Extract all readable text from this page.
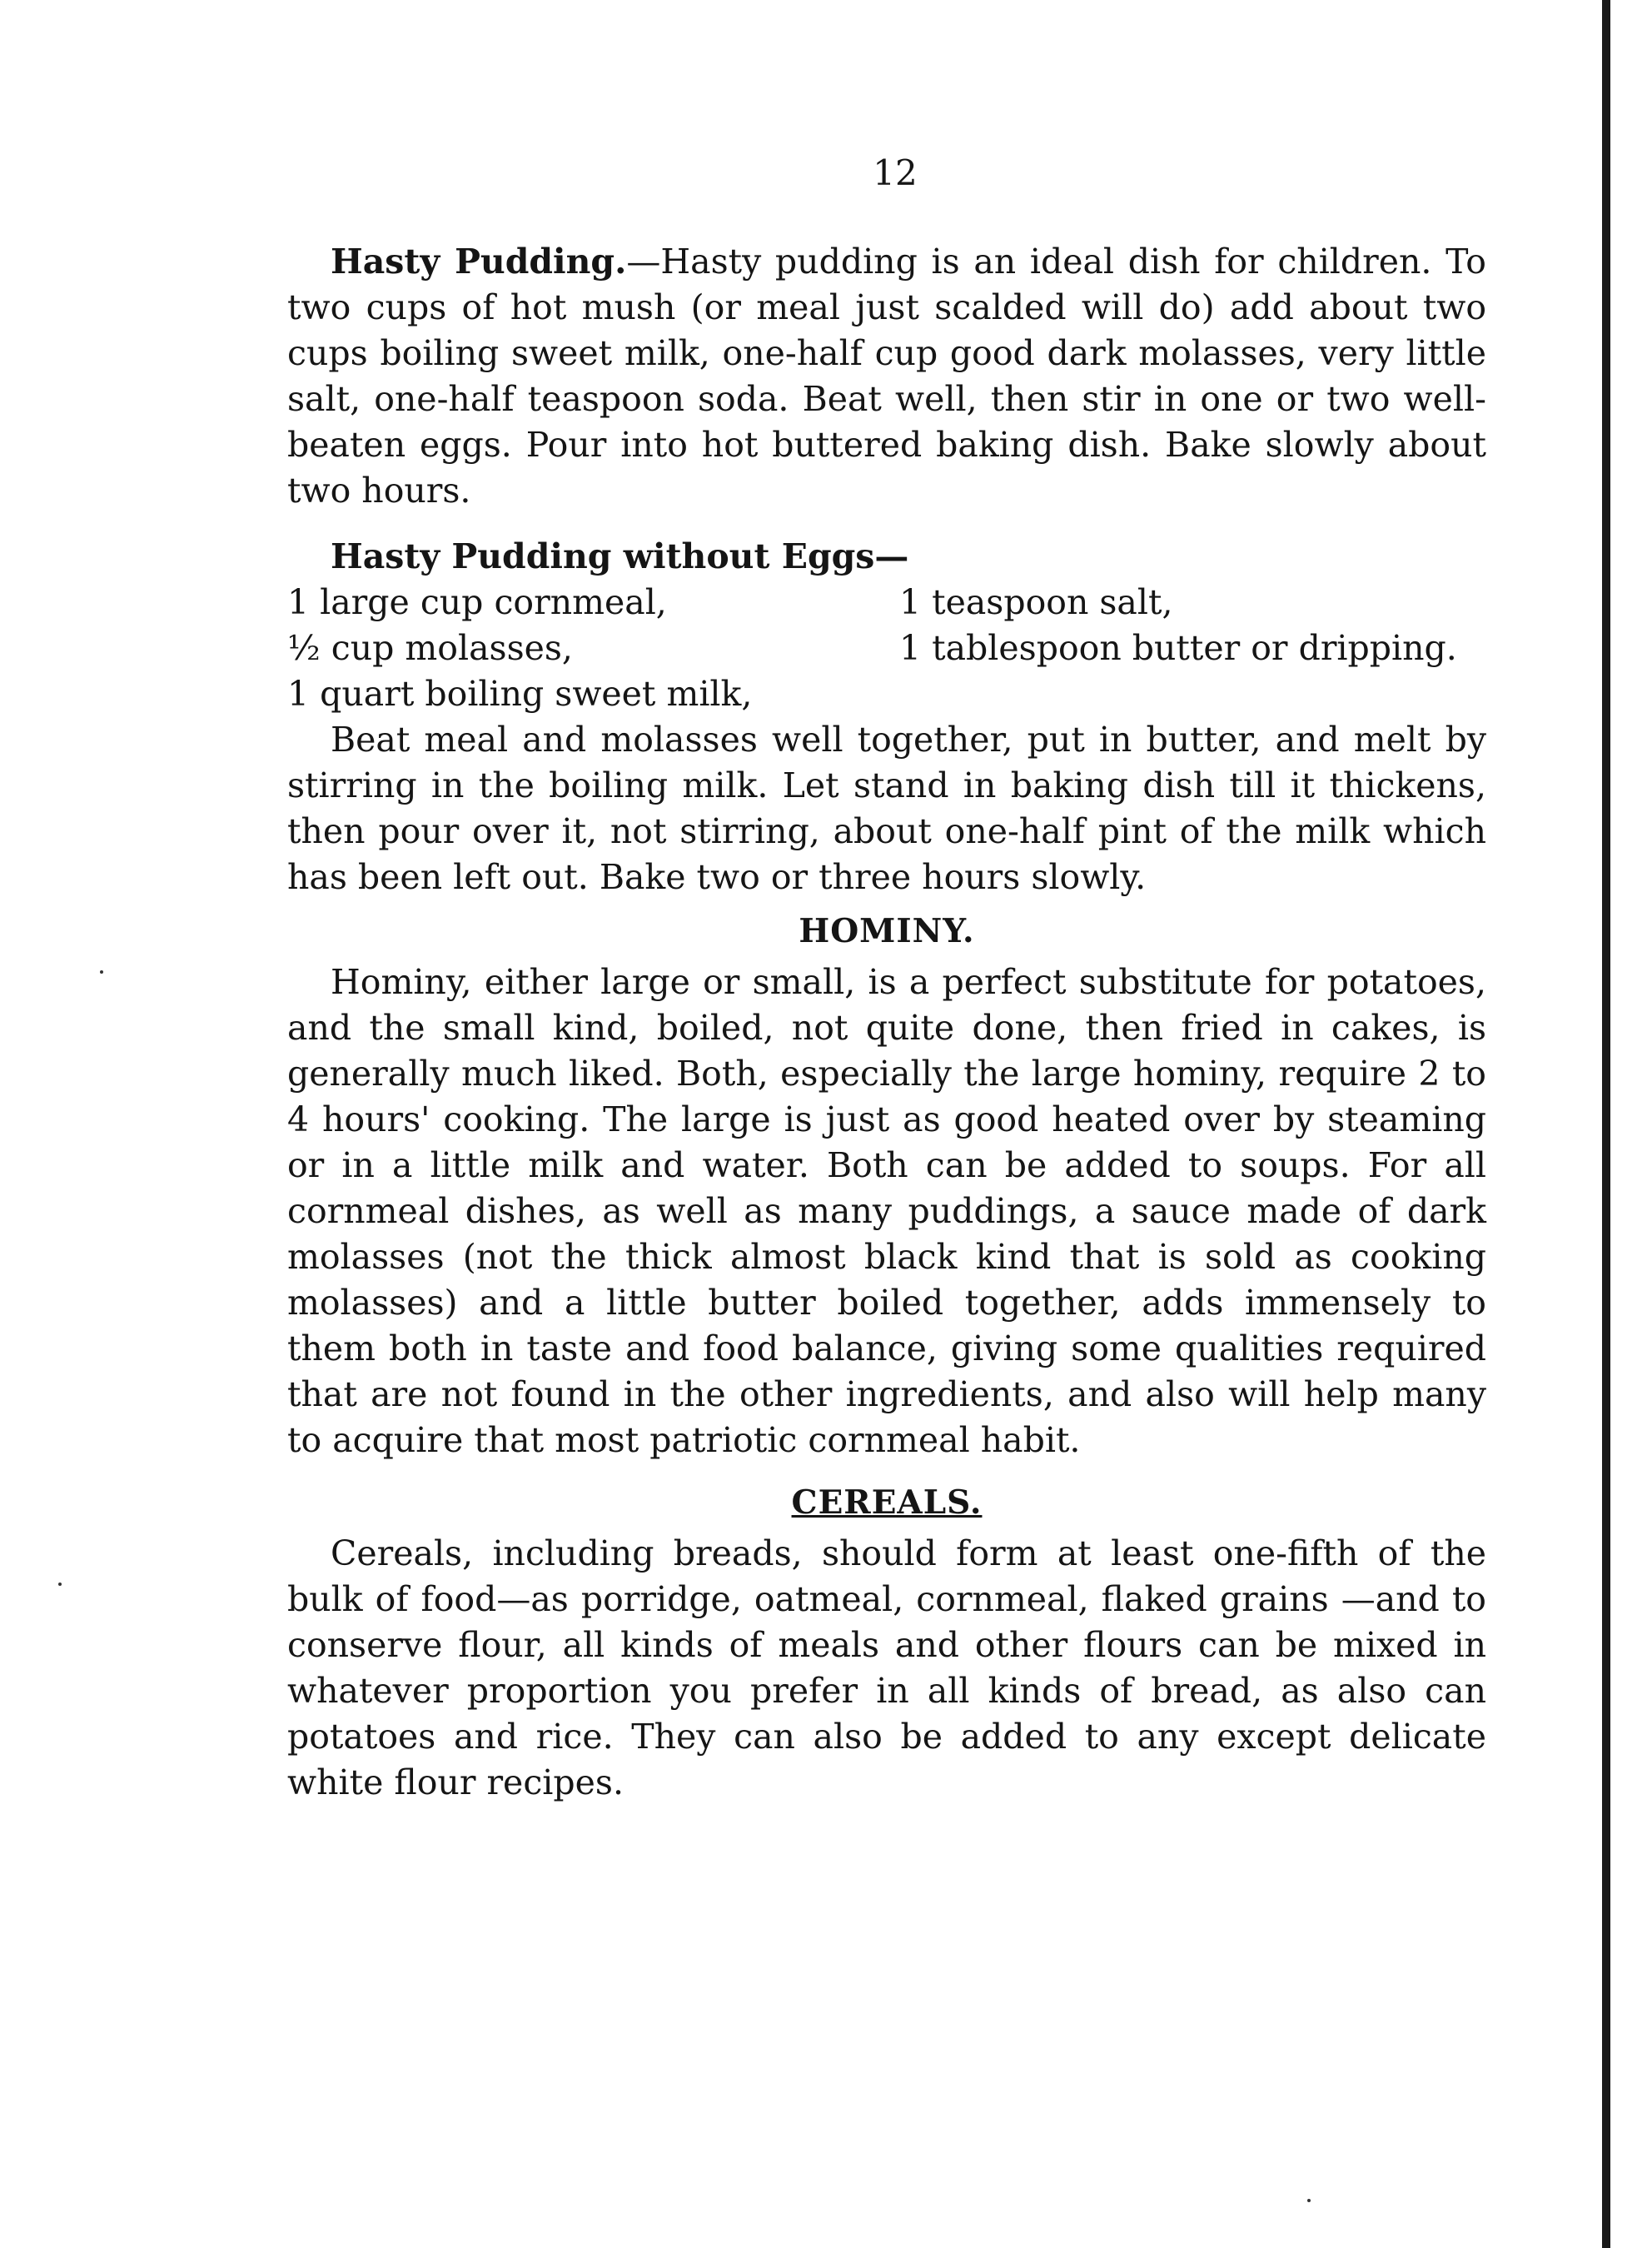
12

Hasty Pudding.—Hasty pudding is an ideal dish for children. To two cups of hot mush (or meal just scalded will do) add about two cups boiling sweet milk, one-half cup good dark molasses, very little salt, one-half teaspoon soda. Beat well, then stir in one or two well-beaten eggs. Pour into hot buttered baking dish. Bake slowly about two hours.

Hasty Pudding without Eggs—
1 large cup cornmeal,	1 teaspoon salt,
½ cup molasses,	1 tablespoon butter or dripping.
1 quart boiling sweet milk,

Beat meal and molasses well together, put in butter, and melt by stirring in the boiling milk. Let stand in baking dish till it thickens, then pour over it, not stirring, about one-half pint of the milk which has been left out. Bake two or three hours slowly.

HOMINY.

Hominy, either large or small, is a perfect substitute for potatoes, and the small kind, boiled, not quite done, then fried in cakes, is generally much liked. Both, especially the large hominy, require 2 to 4 hours' cooking. The large is just as good heated over by steaming or in a little milk and water. Both can be added to soups. For all cornmeal dishes, as well as many puddings, a sauce made of dark molasses (not the thick almost black kind that is sold as cooking molasses) and a little butter boiled together, adds immensely to them both in taste and food balance, giving some qualities required that are not found in the other ingredients, and also will help many to acquire that most patriotic cornmeal habit.

CEREALS.

Cereals, including breads, should form at least one-fifth of the bulk of food—as porridge, oatmeal, cornmeal, flaked grains —and to conserve flour, all kinds of meals and other flours can be mixed in whatever proportion you prefer in all kinds of bread, as also can potatoes and rice. They can also be added to any except delicate white flour recipes.
